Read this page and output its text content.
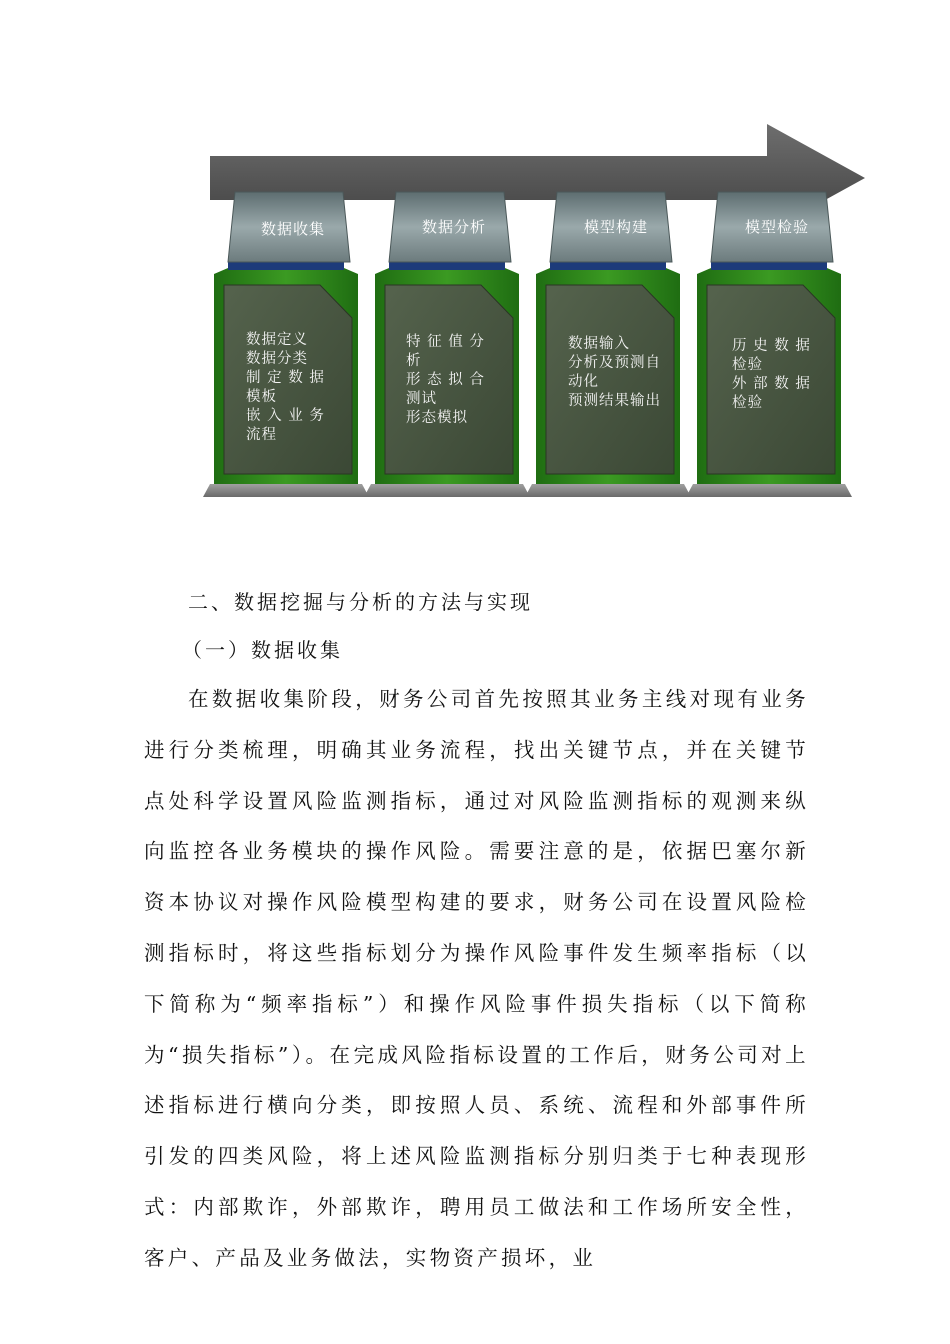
数据收集
数据定义
数据分类
制 定 数 据
模板
嵌 入 业 务
流程
数据分析
特 征 值 分
析
形 态 拟 合
测试
形态模拟
模型构建
数据输入
分析及预测自
动化
预测结果输出
模型检验
历 史 数 据
检验
外 部 数 据
检验
二、数据挖掘与分析的方法与实现
（一）数据收集

在数据收集阶段，财务公司首先按照其业务主线对现有业务进行分类梳理，明确其业务流程，找出关键节点，并在关键节点处科学设置风险监测指标，通过对风险监测指标的观测来纵向监控各业务模块的操作风险。需要注意的是，依据巴塞尔新资本协议对操作风险模型构建的要求，财务公司在设置风险检测指标时，将这些指标划分为操作风险事件发生频率指标（以下简称为“频率指标”）和操作风险事件损失指标（以下简称为“损失指标”）。在完成风险指标设置的工作后，财务公司对上述指标进行横向分类，即按照人员、系统、流程和外部事件所引发的四类风险，将上述风险监测指标分别归类于七种表现形式：内部欺诈，外部欺诈，聘用员工做法和工作场所安全性，客户、产品及业务做法，实物资产损坏，业
